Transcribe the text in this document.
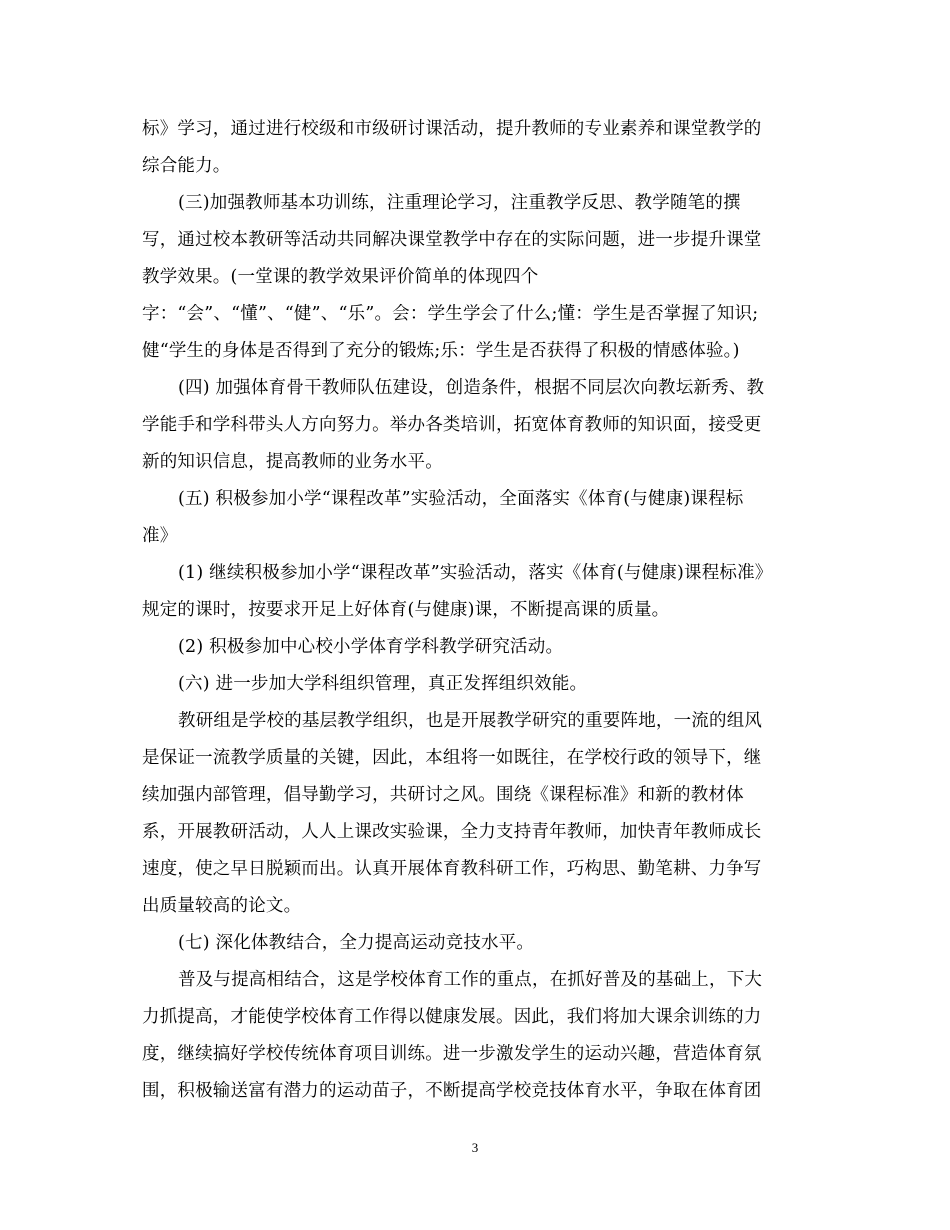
标》学习，通过进行校级和市级研讨课活动，提升教师的专业素养和课堂教学的
综合能力。
(三)加强教师基本功训练，注重理论学习，注重教学反思、教学随笔的撰
写，通过校本教研等活动共同解决课堂教学中存在的实际问题，进一步提升课堂
教学效果。(一堂课的教学效果评价简单的体现四个
字：“会”、“懂”、“健”、“乐”。会：学生学会了什么;懂：学生是否掌握了知识;
健“学生的身体是否得到了充分的锻炼;乐：学生是否获得了积极的情感体验。)
(四) 加强体育骨干教师队伍建设，创造条件，根据不同层次向教坛新秀、教
学能手和学科带头人方向努力。举办各类培训，拓宽体育教师的知识面，接受更
新的知识信息，提高教师的业务水平。
(五) 积极参加小学“课程改革”实验活动，全面落实《体育(与健康)课程标
准》
(1) 继续积极参加小学“课程改革”实验活动，落实《体育(与健康)课程标准》
规定的课时，按要求开足上好体育(与健康)课，不断提高课的质量。
(2) 积极参加中心校小学体育学科教学研究活动。
(六) 进一步加大学科组织管理，真正发挥组织效能。
教研组是学校的基层教学组织，也是开展教学研究的重要阵地，一流的组风
是保证一流教学质量的关键，因此，本组将一如既往，在学校行政的领导下，继
续加强内部管理，倡导勤学习，共研讨之风。围绕《课程标准》和新的教材体
系，开展教研活动，人人上课改实验课，全力支持青年教师，加快青年教师成长
速度，使之早日脱颖而出。认真开展体育教科研工作，巧构思、勤笔耕、力争写
出质量较高的论文。
(七) 深化体教结合，全力提高运动竞技水平。
普及与提高相结合，这是学校体育工作的重点，在抓好普及的基础上，下大
力抓提高，才能使学校体育工作得以健康发展。因此，我们将加大课余训练的力
度，继续搞好学校传统体育项目训练。进一步激发学生的运动兴趣，营造体育氛
围，积极输送富有潜力的运动苗子，不断提高学校竞技体育水平，争取在体育团
3
